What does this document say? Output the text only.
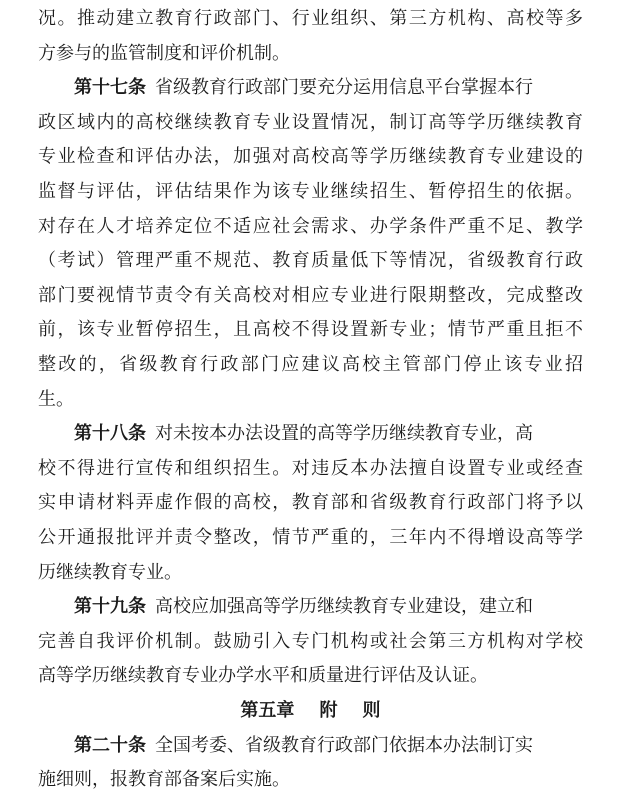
况。推动建立教育行政部门、行业组织、第三方机构、高校等多
方参与的监管制度和评价机制。
第十七条  省级教育行政部门要充分运用信息平台掌握本行
政区域内的高校继续教育专业设置情况，制订高等学历继续教育
专业检查和评估办法，加强对高校高等学历继续教育专业建设的
监督与评估，评估结果作为该专业继续招生、暂停招生的依据。
对存在人才培养定位不适应社会需求、办学条件严重不足、教学
（考试）管理严重不规范、教育质量低下等情况，省级教育行政
部门要视情节责令有关高校对相应专业进行限期整改，完成整改
前，该专业暂停招生，且高校不得设置新专业；情节严重且拒不
整改的，省级教育行政部门应建议高校主管部门停止该专业招
生。
第十八条  对未按本办法设置的高等学历继续教育专业，高
校不得进行宣传和组织招生。对违反本办法擅自设置专业或经查
实申请材料弄虚作假的高校，教育部和省级教育行政部门将予以
公开通报批评并责令整改，情节严重的，三年内不得增设高等学
历继续教育专业。
第十九条  高校应加强高等学历继续教育专业建设，建立和
完善自我评价机制。鼓励引入专门机构或社会第三方机构对学校
高等学历继续教育专业办学水平和质量进行评估及认证。
第五章    附    则
第二十条  全国考委、省级教育行政部门依据本办法制订实
施细则，报教育部备案后实施。
